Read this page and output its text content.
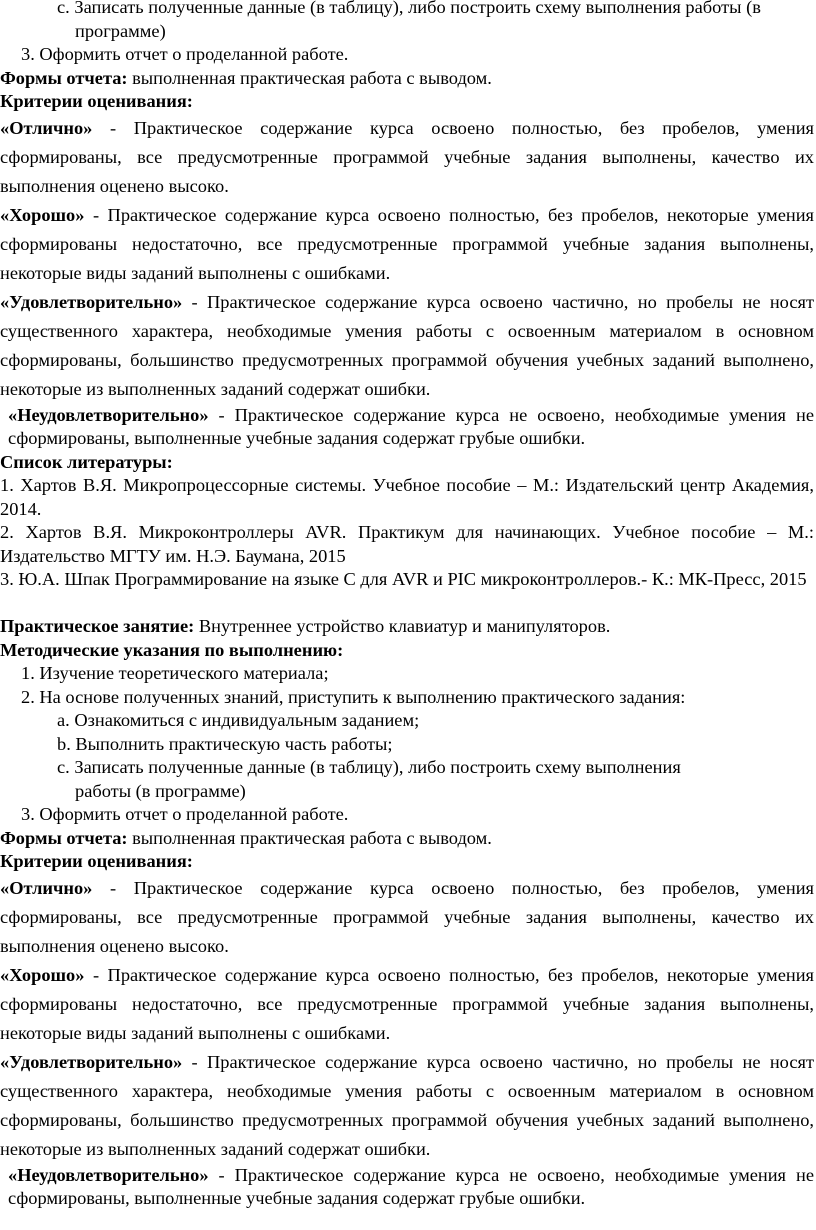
c. Записать полученные данные (в таблицу), либо построить схему выполнения работы (в программе)
3. Оформить отчет о проделанной работе.
Формы отчета: выполненная практическая работа с выводом.
Критерии оценивания:
«Отлично» - Практическое содержание курса освоено полностью, без пробелов, умения сформированы, все предусмотренные программой учебные задания выполнены, качество их выполнения оценено высоко.
«Хорошо» - Практическое содержание курса освоено полностью, без пробелов, некоторые умения сформированы недостаточно, все предусмотренные программой учебные задания выполнены, некоторые виды заданий выполнены с ошибками.
«Удовлетворительно» - Практическое содержание курса освоено частично, но пробелы не носят существенного характера, необходимые умения работы с освоенным материалом в основном сформированы, большинство предусмотренных программой обучения учебных заданий выполнено, некоторые из выполненных заданий содержат ошибки.
«Неудовлетворительно» - Практическое содержание курса не освоено, необходимые умения не сформированы, выполненные учебные задания содержат грубые ошибки.
Список литературы:
1. Хартов В.Я. Микропроцессорные системы. Учебное пособие – М.: Издательский центр Академия, 2014.
2. Хартов В.Я. Микроконтроллеры AVR. Практикум для начинающих. Учебное пособие – М.: Издательство МГТУ им. Н.Э. Баумана, 2015
3. Ю.А. Шпак Программирование на языке С для AVR и PIC микроконтроллеров.- К.: МК-Пресс, 2015
Практическое занятие: Внутреннее устройство клавиатур и манипуляторов.
Методические указания по выполнению:
1. Изучение теоретического материала;
2. На основе полученных знаний, приступить к выполнению практического задания:
a. Ознакомиться с индивидуальным заданием;
b. Выполнить практическую часть работы;
c. Записать полученные данные (в таблицу), либо построить схему выполнения
работы (в программе)
3. Оформить отчет о проделанной работе.
Формы отчета: выполненная практическая работа с выводом.
Критерии оценивания:
«Отлично» - Практическое содержание курса освоено полностью, без пробелов, умения сформированы, все предусмотренные программой учебные задания выполнены, качество их выполнения оценено высоко.
«Хорошо» - Практическое содержание курса освоено полностью, без пробелов, некоторые умения сформированы недостаточно, все предусмотренные программой учебные задания выполнены, некоторые виды заданий выполнены с ошибками.
«Удовлетворительно» - Практическое содержание курса освоено частично, но пробелы не носят существенного характера, необходимые умения работы с освоенным материалом в основном сформированы, большинство предусмотренных программой обучения учебных заданий выполнено, некоторые из выполненных заданий содержат ошибки.
«Неудовлетворительно» - Практическое содержание курса не освоено, необходимые умения не сформированы, выполненные учебные задания содержат грубые ошибки.
